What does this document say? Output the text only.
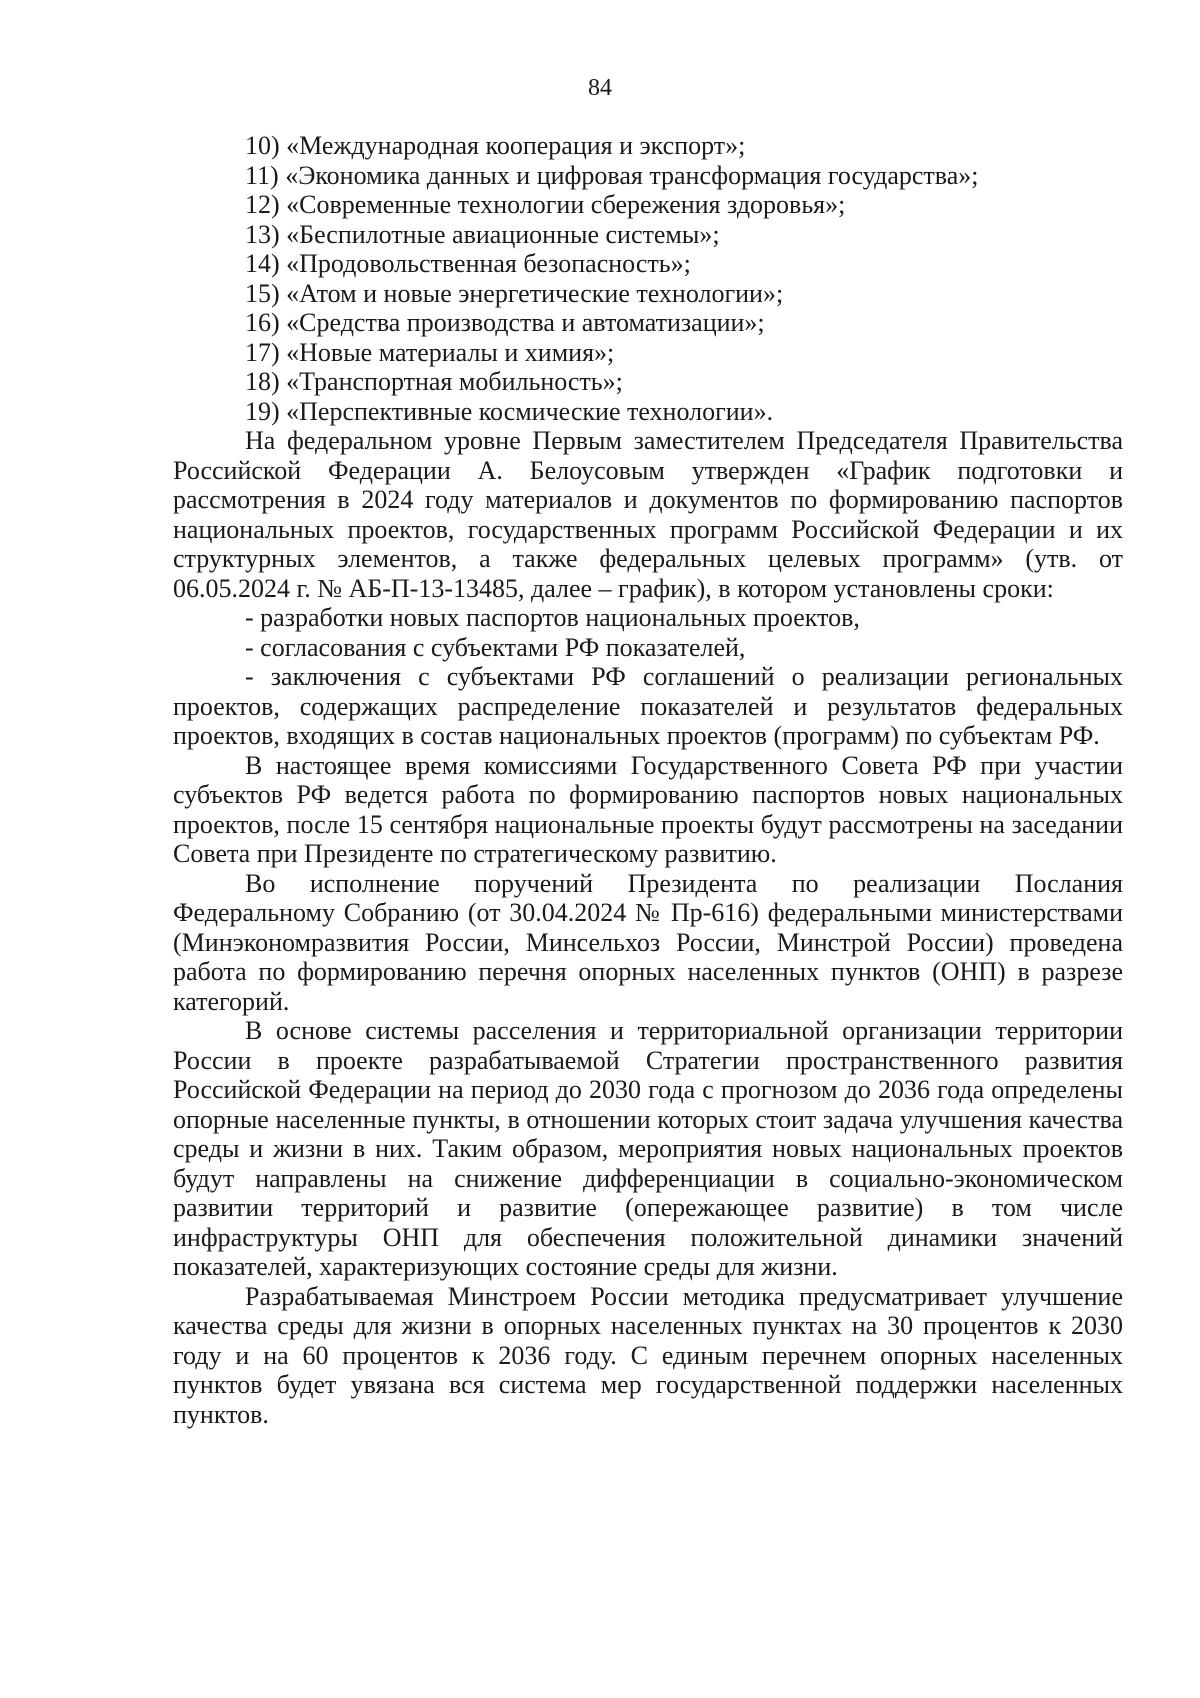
84

10) «Международная кооперация и экспорт»;

11) «Экономика данных и цифровая трансформация государства»;

12) «Современные технологии сбережения здоровья»;

13) «Беспилотные авиационные системы»;

14) «Продовольственная безопасность»;

15) «Атом и новые энергетические технологии»;

16) «Средства производства и автоматизации»;

17) «Новые материалы и химия»;

18) «Транспортная мобильность»;

19) «Перспективные космические технологии».

На федеральном уровне Первым заместителем Председателя Правительства Российской Федерации А. Белоусовым утвержден «График подготовки и рассмотрения в 2024 году материалов и документов по формированию паспортов национальных проектов, государственных программ Российской Федерации и их структурных элементов, а также федеральных целевых программ» (утв. от 06.05.2024 г. № АБ-П-13-13485, далее – график), в котором установлены сроки:

- разработки новых паспортов национальных проектов,

- согласования с субъектами РФ показателей,

- заключения с субъектами РФ соглашений о реализации региональных проектов, содержащих распределение показателей и результатов федеральных проектов, входящих в состав национальных проектов (программ) по субъектам РФ.

В настоящее время комиссиями Государственного Совета РФ при участии субъектов РФ ведется работа по формированию паспортов новых национальных проектов, после 15 сентября национальные проекты будут рассмотрены на заседании Совета при Президенте по стратегическому развитию.

Во исполнение поручений Президента по реализации Послания Федеральному Собранию (от 30.04.2024 № Пр-616) федеральными министерствами (Минэкономразвития России, Минсельхоз России, Минстрой России) проведена работа по формированию перечня опорных населенных пунктов (ОНП) в разрезе категорий.

В основе системы расселения и территориальной организации территории России в проекте разрабатываемой Стратегии пространственного развития Российской Федерации на период до 2030 года с прогнозом до 2036 года определены опорные населенные пункты, в отношении которых стоит задача улучшения качества среды и жизни в них. Таким образом, мероприятия новых национальных проектов будут направлены на снижение дифференциации в социально-экономическом развитии территорий и развитие (опережающее развитие) в том числе инфраструктуры ОНП для обеспечения положительной динамики значений показателей, характеризующих состояние среды для жизни.

Разрабатываемая Минстроем России методика предусматривает улучшение качества среды для жизни в опорных населенных пунктах на 30 процентов к 2030 году и на 60 процентов к 2036 году. С единым перечнем опорных населенных пунктов будет увязана вся система мер государственной поддержки населенных пунктов.
